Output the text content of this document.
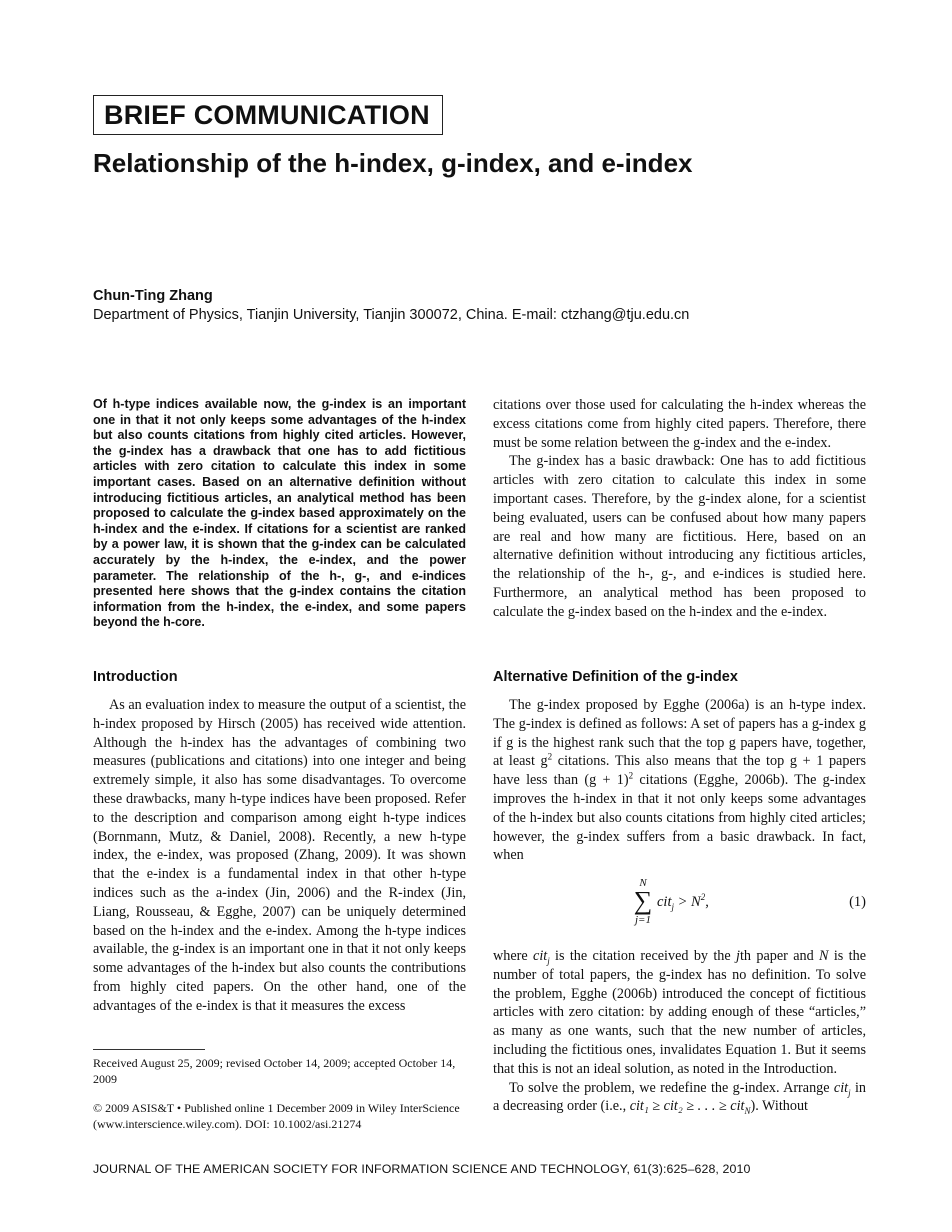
BRIEF COMMUNICATION
Relationship of the h-index, g-index, and e-index
Chun-Ting Zhang
Department of Physics, Tianjin University, Tianjin 300072, China. E-mail: ctzhang@tju.edu.cn
Of h-type indices available now, the g-index is an important one in that it not only keeps some advantages of the h-index but also counts citations from highly cited articles. However, the g-index has a drawback that one has to add fictitious articles with zero citation to calculate this index in some important cases. Based on an alternative definition without introducing fictitious articles, an analytical method has been proposed to calculate the g-index based approximately on the h-index and the e-index. If citations for a scientist are ranked by a power law, it is shown that the g-index can be calculated accurately by the h-index, the e-index, and the power parameter. The relationship of the h-, g-, and e-indices presented here shows that the g-index contains the citation information from the h-index, the e-index, and some papers beyond the h-core.
Introduction

As an evaluation index to measure the output of a scientist, the h-index proposed by Hirsch (2005) has received wide attention. Although the h-index has the advantages of combining two measures (publications and citations) into one integer and being extremely simple, it also has some disadvantages. To overcome these drawbacks, many h-type indices have been proposed. Refer to the description and comparison among eight h-type indices (Bornmann, Mutz, & Daniel, 2008). Recently, a new h-type index, the e-index, was proposed (Zhang, 2009). It was shown that the e-index is a fundamental index in that other h-type indices such as the a-index (Jin, 2006) and the R-index (Jin, Liang, Rousseau, & Egghe, 2007) can be uniquely determined based on the h-index and the e-index. Among the h-type indices available, the g-index is an important one in that it not only keeps some advantages of the h-index but also counts the contributions from highly cited papers. On the other hand, one of the advantages of the e-index is that it measures the excess

Received August 25, 2009; revised October 14, 2009; accepted October 14, 2009
© 2009 ASIS&T • Published online 1 December 2009 in Wiley InterScience (www.interscience.wiley.com). DOI: 10.1002/asi.21274

citations over those used for calculating the h-index whereas the excess citations come from highly cited papers. Therefore, there must be some relation between the g-index and the e-index.

The g-index has a basic drawback: One has to add fictitious articles with zero citation to calculate this index in some important cases. Therefore, by the g-index alone, for a scientist being evaluated, users can be confused about how many papers are real and how many are fictitious. Here, based on an alternative definition without introducing any fictitious articles, the relationship of the h-, g-, and e-indices is studied here. Furthermore, an analytical method has been proposed to calculate the g-index based on the h-index and the e-index.

Alternative Definition of the g-index

The g-index proposed by Egghe (2006a) is an h-type index. The g-index is defined as follows: A set of papers has a g-index g if g is the highest rank such that the top g papers have, together, at least $g^2$ citations. This also means that the top g + 1 papers have less than $(g + 1)^2$ citations (Egghe, 2006b). The g-index improves the h-index in that it not only keeps some advantages of the h-index but also counts citations from highly cited articles; however, the g-index suffers from a basic drawback. In fact, when

N
∑
j=1
$cit_j > N^2$,	(1)

where cit$_j$ is the citation received by the jth paper and N is the number of total papers, the g-index has no definition. To solve the problem, Egghe (2006b) introduced the concept of fictitious articles with zero citation: by adding enough of these “articles,” as many as one wants, such that the new number of articles, including the fictitious ones, invalidates Equation 1. But it seems that this is not an ideal solution, as noted in the Introduction.

To solve the problem, we redefine the g-index. Arrange cit$_j$ in a decreasing order (i.e., cit₁ ≥ cit₂ ≥ . . . ≥ cit$_N$). Without

JOURNAL OF THE AMERICAN SOCIETY FOR INFORMATION SCIENCE AND TECHNOLOGY, 61(3):625–628, 2010
